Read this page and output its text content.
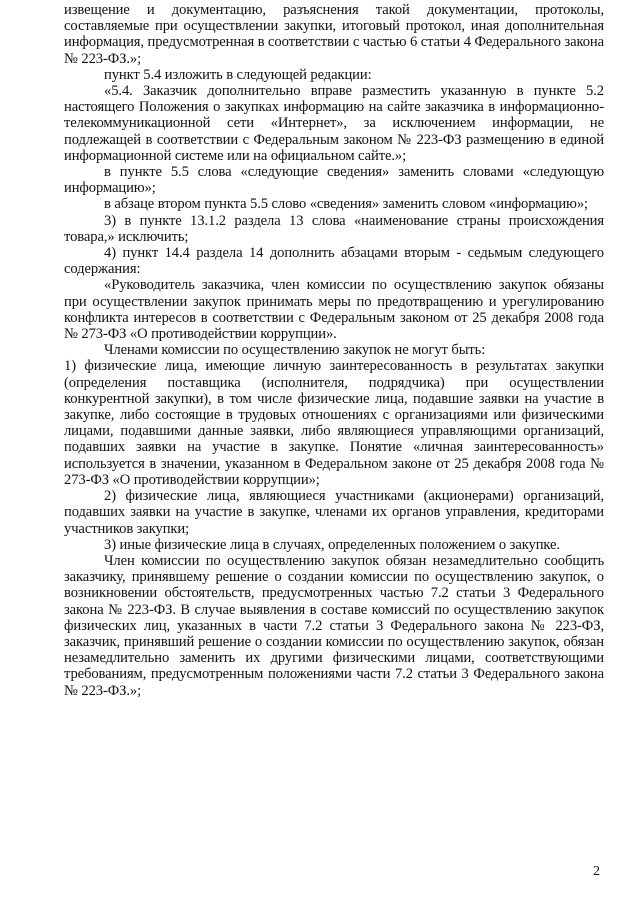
извещение и документацию, разъяснения такой документации, протоколы, составляемые при осуществлении закупки, итоговый протокол, иная дополнительная информация, предусмотренная в соответствии с частью 6 статьи 4 Федерального закона № 223-ФЗ.»;

пункт 5.4 изложить в следующей редакции:

«5.4. Заказчик дополнительно вправе разместить указанную в пункте 5.2 настоящего Положения о закупках информацию на сайте заказчика в информационно-телекоммуникационной сети «Интернет», за исключением информации, не подлежащей в соответствии с Федеральным законом № 223-ФЗ размещению в единой информационной системе или на официальном сайте.»;

в пункте 5.5 слова «следующие сведения» заменить словами «следующую информацию»;

в абзаце втором пункта 5.5 слово «сведения» заменить словом «информацию»;

3) в пункте 13.1.2 раздела 13 слова «наименование страны происхождения товара,» исключить;

4) пункт 14.4 раздела 14 дополнить абзацами вторым - седьмым следующего содержания:

«Руководитель заказчика, член комиссии по осуществлению закупок обязаны при осуществлении закупок принимать меры по предотвращению и урегулированию конфликта интересов в соответствии с Федеральным законом от 25 декабря 2008 года № 273-ФЗ «О противодействии коррупции».

Членами комиссии по осуществлению закупок не могут быть:

1) физические лица, имеющие личную заинтересованность в результатах закупки (определения поставщика (исполнителя, подрядчика) при осуществлении конкурентной закупки), в том числе физические лица, подавшие заявки на участие в закупке, либо состоящие в трудовых отношениях с организациями или физическими лицами, подавшими данные заявки, либо являющиеся управляющими организаций, подавших заявки на участие в закупке. Понятие «личная заинтересованность» используется в значении, указанном в Федеральном законе от 25 декабря 2008 года № 273-ФЗ «О противодействии коррупции»;

2) физические лица, являющиеся участниками (акционерами) организаций, подавших заявки на участие в закупке, членами их органов управления, кредиторами участников закупки;

3) иные физические лица в случаях, определенных положением о закупке.

Член комиссии по осуществлению закупок обязан незамедлительно сообщить заказчику, принявшему решение о создании комиссии по осуществлению закупок, о возникновении обстоятельств, предусмотренных частью 7.2 статьи 3 Федерального закона № 223-ФЗ. В случае выявления в составе комиссий по осуществлению закупок физических лиц, указанных в части 7.2 статьи 3 Федерального закона № 223-ФЗ, заказчик, принявший решение о создании комиссии по осуществлению закупок, обязан незамедлительно заменить их другими физическими лицами, соответствующими требованиям, предусмотренным положениями части 7.2 статьи 3 Федерального закона № 223-ФЗ.»;

2
